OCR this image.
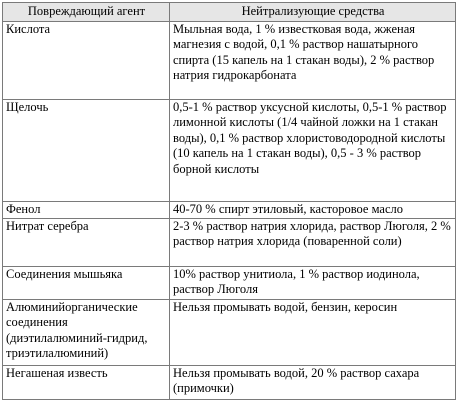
Повреждающий агент	Нейтрализующие средства
Кислота	Мыльная вода, 1 % известковая вода, жженая магнезия с водой, 0,1 % раствор нашатырного спирта (15 капель на 1 стакан воды), 2 % раствор натрия гидрокарбоната
Щелочь	0,5-1 % раствор уксусной кислоты, 0,5-1 % раствор лимонной кислоты (1/4 чайной ложки на 1 стакан воды), 0,1 % раствор хлористоводородной кислоты (10 капель на 1 стакан воды), 0,5 - 3 % раствор борной кислоты
Фенол	40-70 % спирт этиловый, касторовое масло
Нитрат серебра	2-3 % раствор натрия хлорида, раствор Люголя, 2 % раствор натрия хлорида (поваренной соли)
Соединения мышьяка	10% раствор унитиола, 1 % раствор иодинола, раствор Люголя
Алюминийорганические соединения (диэтилалюминий-гидрид, триэтилалюминий)	Нельзя промывать водой, бензин, керосин
Негашеная известь	Нельзя промывать водой, 20 % раствор сахара (примочки)
